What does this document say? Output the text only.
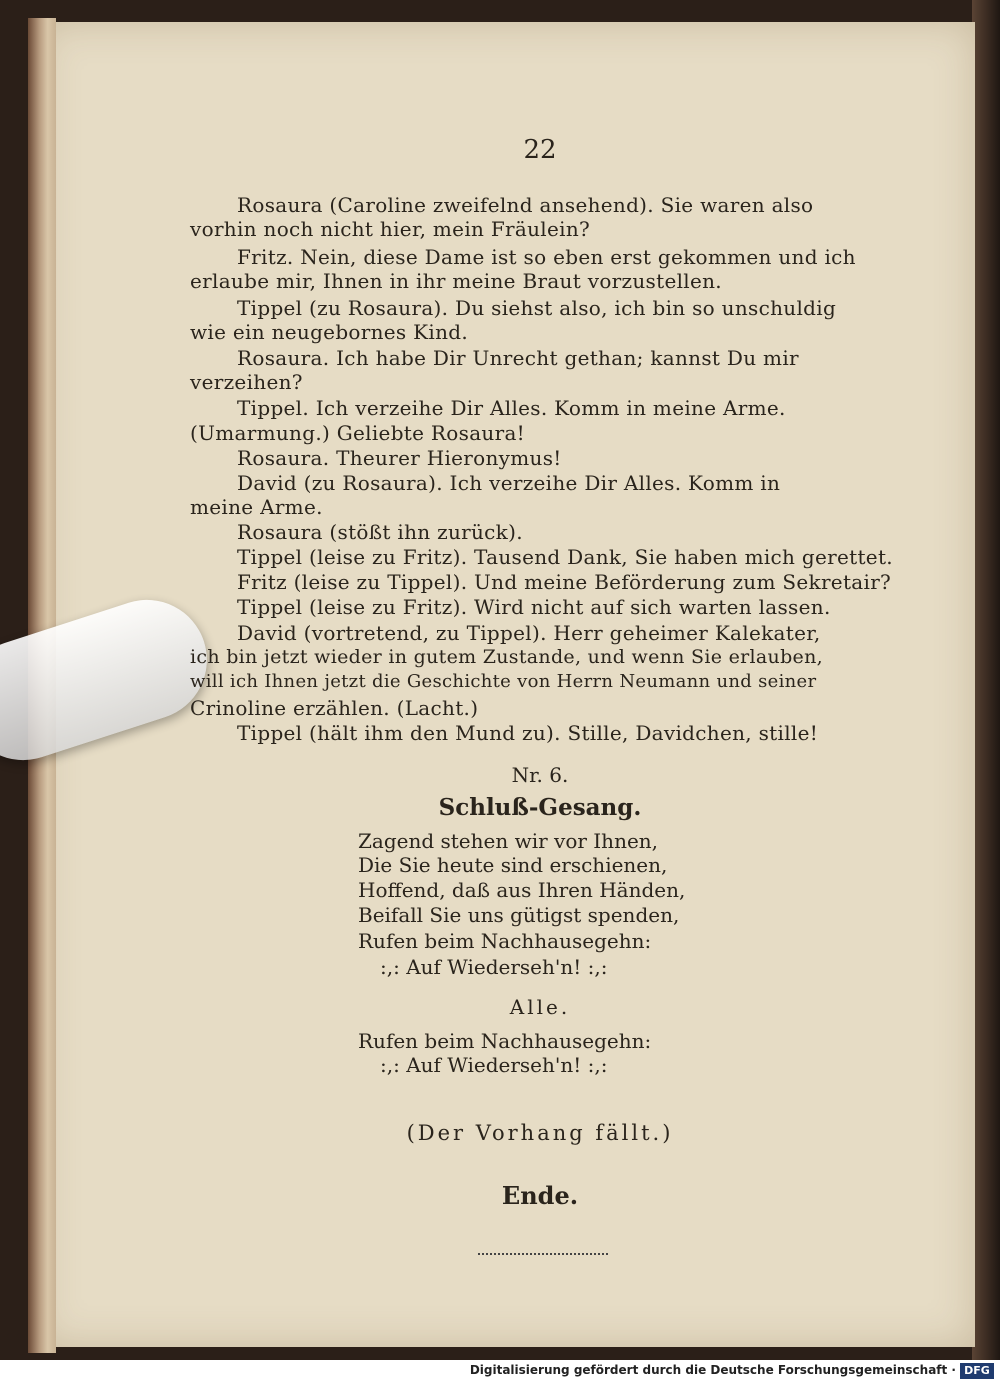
22
Rosaura (Caroline zweifelnd ansehend). Sie waren also
vorhin noch nicht hier, mein Fräulein?
Fritz. Nein, diese Dame ist so eben erst gekommen und ich
erlaube mir, Ihnen in ihr meine Braut vorzustellen.
Tippel (zu Rosaura). Du siehst also, ich bin so unschuldig
wie ein neugebornes Kind.
Rosaura. Ich habe Dir Unrecht gethan; kannst Du mir
verzeihen?
Tippel. Ich verzeihe Dir Alles. Komm in meine Arme.
(Umarmung.) Geliebte Rosaura!
Rosaura. Theurer Hieronymus!
David (zu Rosaura). Ich verzeihe Dir Alles. Komm in
meine Arme.
Rosaura (stößt ihn zurück).
Tippel (leise zu Fritz). Tausend Dank, Sie haben mich gerettet.
Fritz (leise zu Tippel). Und meine Beförderung zum Sekretair?
Tippel (leise zu Fritz). Wird nicht auf sich warten lassen.
David (vortretend, zu Tippel). Herr geheimer Kalekater,
ich bin jetzt wieder in gutem Zustande, und wenn Sie erlauben,
will ich Ihnen jetzt die Geschichte von Herrn Neumann und seiner
Crinoline erzählen. (Lacht.)
Tippel (hält ihm den Mund zu). Stille, Davidchen, stille!
Nr. 6.
Schluß-Gesang.
Zagend stehen wir vor Ihnen,
Die Sie heute sind erschienen,
Hoffend, daß aus Ihren Händen,
Beifall Sie uns gütigst spenden,
Rufen beim Nachhausegehn:
:,: Auf Wiederseh'n! :,:
Alle.
Rufen beim Nachhausegehn:
:,: Auf Wiederseh'n! :,:
(Der Vorhang fällt.)
Ende.
Digitalisierung gefördert durch die Deutsche Forschungsgemeinschaft · DFG
